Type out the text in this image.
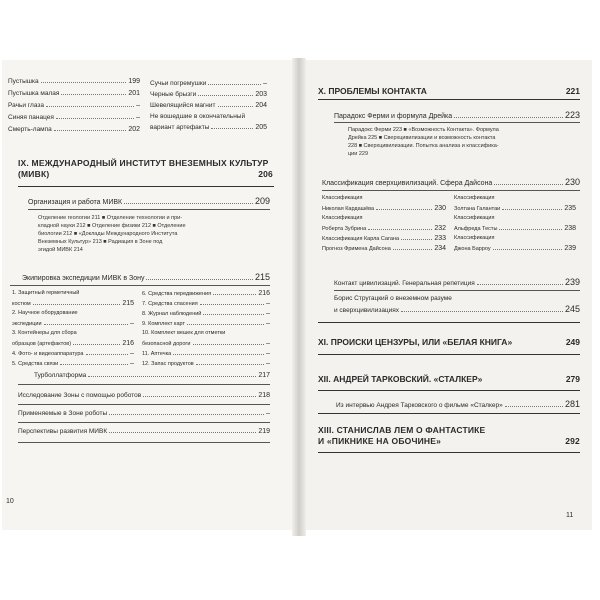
IX. МЕЖДУНАРОДНЫЙ ИНСТИТУТ ВНЕЗЕМНЫХ КУЛЬТУР
(МИВК)	206
Организация и работа МИВК	209
Отделение геологии 211 ■ Отделение технологии и при-
кладной науки 212 ■ Отделение физики 212 ■ Отделение
биологии 212 ■ «Доклады Международного Института
Внеземных Культур» 213 ■ Радиация в Зоне под
эгидой МИВК 214
Экипировка экспедиции МИВК в Зону	215
10
X. ПРОБЛЕМЫ КОНТАКТА	221
Парадокс Ферми и формула Дрейка	223
Парадокс Ферми 223 ■ «Возможность Контакта». Формула
Дрейка 225 ■ Сверхцивилизации и возможность контакта
228 ■ Сверхцивилизации. Попытка анализа и классифика-
ции 229
Классификация сверхцивилизаций. Сфера Дайсона	230
Контакт цивилизаций. Генеральная репетиция	239
Борис Стругацкий о внеземном разуме
и сверхцивилизациях	245
XI. ПРОИСКИ ЦЕНЗУРЫ, ИЛИ «БЕЛАЯ КНИГА»	249
XII. АНДРЕЙ ТАРКОВСКИЙ. «СТАЛКЕР»	279
Из интервью Андрея Тарковского о фильме «Сталкер»	281
XIII. СТАНИСЛАВ ЛЕМ О ФАНТАСТИКЕ
И «ПИКНИКЕ НА ОБОЧИНЕ»	292
11
Пустышка	199
Пустышка малая	201
Рачьи глаза	–
Синяя панацея	–
Смерть-лампа	202
Сучьи погремушки	–
Черные брызги	203
Шевелящийся магнит	204
Не вошедшие в окончательный
вариант артефакты	205
1. Защитный герметичный
костюм	215
2. Научное оборудование
экспедиции	–
3. Контейнеры для сбора
образцов (артефактов)	216
4. Фото- и видеоаппаратура	–
5. Средства связи	–
6. Средства передвижения	216
7. Средства спасения	–
8. Журнал наблюдений	–
9. Комплект карт	–
10. Комплект вешек для отметки
безопасной дороги	–
11. Аптечка	–
12. Запас продуктов	–
Турболлатформа	217
Исследование Зоны с помощью роботов	218
Применяемые в Зоне роботы	–
Перспективы развития МИВК	219
Классификация
Николая Кардашёва	230
Классификация
Роберта Зубрина	232
Классификация Карла Сагана	233
Прогноз Фримена Дайсона	234
Классификация
Золтана Галантаи	235
Классификация
Альфреда Тесты	238
Классификация
Джона Барроу	239
